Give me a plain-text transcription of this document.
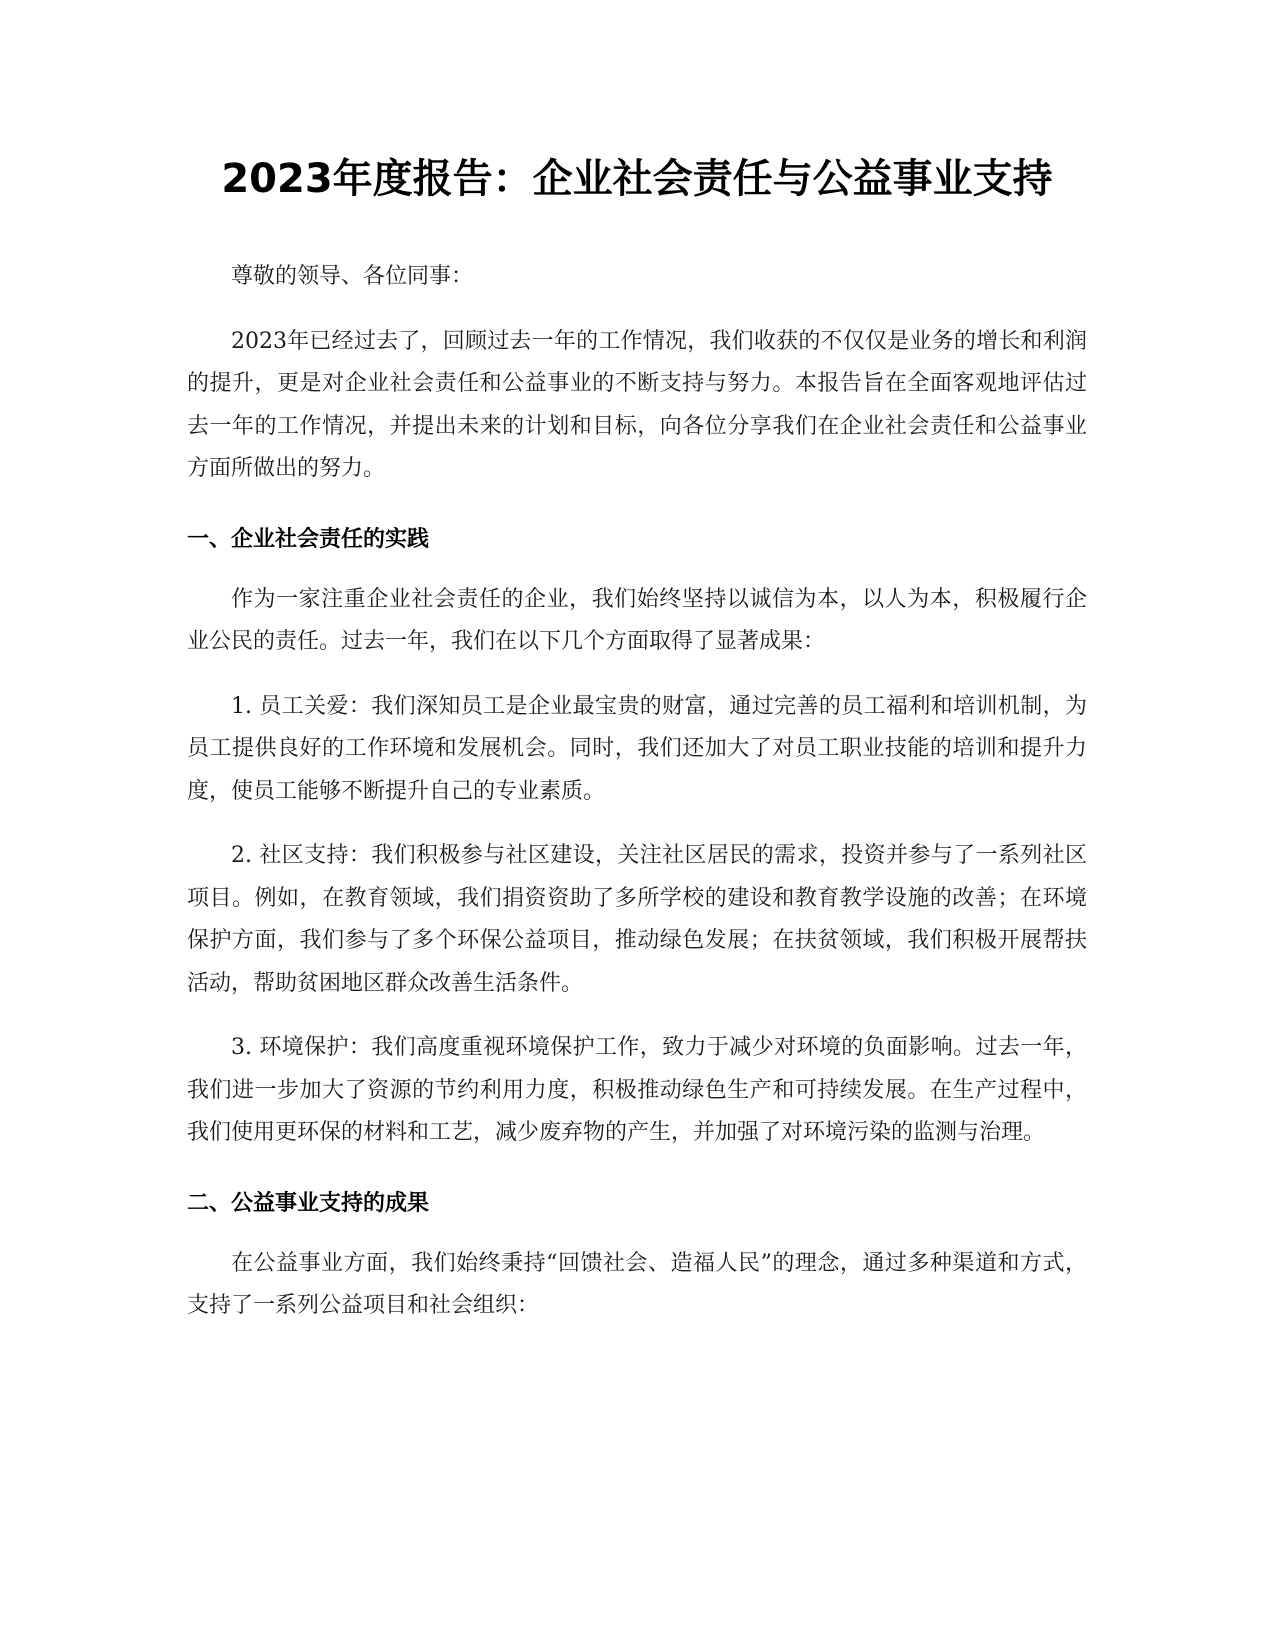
2023年度报告：企业社会责任与公益事业支持

尊敬的领导、各位同事：

2023年已经过去了，回顾过去一年的工作情况，我们收获的不仅仅是业务的增长和利润的提升，更是对企业社会责任和公益事业的不断支持与努力。本报告旨在全面客观地评估过去一年的工作情况，并提出未来的计划和目标，向各位分享我们在企业社会责任和公益事业方面所做出的努力。

一、企业社会责任的实践

作为一家注重企业社会责任的企业，我们始终坚持以诚信为本，以人为本，积极履行企业公民的责任。过去一年，我们在以下几个方面取得了显著成果：

1. 员工关爱：我们深知员工是企业最宝贵的财富，通过完善的员工福利和培训机制，为员工提供良好的工作环境和发展机会。同时，我们还加大了对员工职业技能的培训和提升力度，使员工能够不断提升自己的专业素质。

2. 社区支持：我们积极参与社区建设，关注社区居民的需求，投资并参与了一系列社区项目。例如，在教育领域，我们捐资资助了多所学校的建设和教育教学设施的改善；在环境保护方面，我们参与了多个环保公益项目，推动绿色发展；在扶贫领域，我们积极开展帮扶活动，帮助贫困地区群众改善生活条件。

3. 环境保护：我们高度重视环境保护工作，致力于减少对环境的负面影响。过去一年，我们进一步加大了资源的节约利用力度，积极推动绿色生产和可持续发展。在生产过程中，我们使用更环保的材料和工艺，减少废弃物的产生，并加强了对环境污染的监测与治理。

二、公益事业支持的成果

在公益事业方面，我们始终秉持“回馈社会、造福人民”的理念，通过多种渠道和方式，支持了一系列公益项目和社会组织：
